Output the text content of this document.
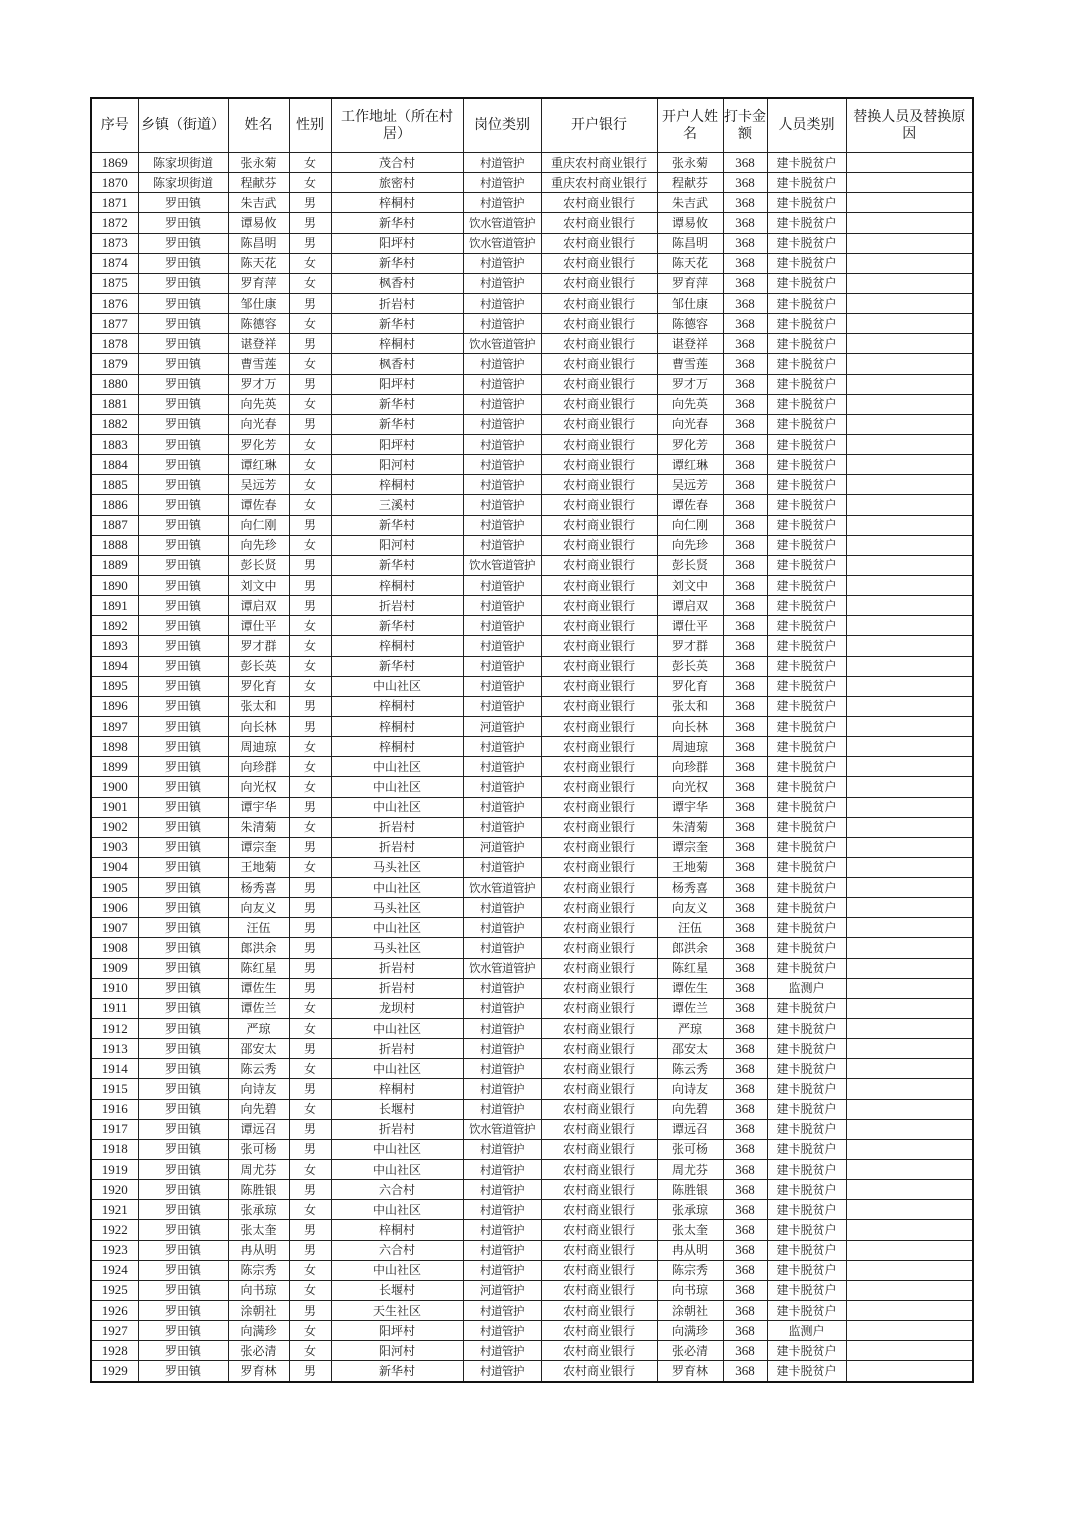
序号	乡镇（街道）	姓名	性别	工作地址（所在村居）	岗位类别	开户银行	开户人姓名	打卡金额	人员类别	替换人员及替换原因
1869	陈家坝街道	张永菊	女	茂合村	村道管护	重庆农村商业银行	张永菊	368	建卡脱贫户	
1870	陈家坝街道	程献芬	女	旅密村	村道管护	重庆农村商业银行	程献芬	368	建卡脱贫户	
1871	罗田镇	朱吉武	男	梓桐村	村道管护	农村商业银行	朱吉武	368	建卡脱贫户	
1872	罗田镇	谭易攸	男	新华村	饮水管道管护	农村商业银行	谭易攸	368	建卡脱贫户	
1873	罗田镇	陈昌明	男	阳坪村	饮水管道管护	农村商业银行	陈昌明	368	建卡脱贫户	
1874	罗田镇	陈天花	女	新华村	村道管护	农村商业银行	陈天花	368	建卡脱贫户	
1875	罗田镇	罗育萍	女	枫香村	村道管护	农村商业银行	罗育萍	368	建卡脱贫户	
1876	罗田镇	邹仕康	男	折岩村	村道管护	农村商业银行	邹仕康	368	建卡脱贫户	
1877	罗田镇	陈德容	女	新华村	村道管护	农村商业银行	陈德容	368	建卡脱贫户	
1878	罗田镇	谌登祥	男	梓桐村	饮水管道管护	农村商业银行	谌登祥	368	建卡脱贫户	
1879	罗田镇	曹雪莲	女	枫香村	村道管护	农村商业银行	曹雪莲	368	建卡脱贫户	
1880	罗田镇	罗才万	男	阳坪村	村道管护	农村商业银行	罗才万	368	建卡脱贫户	
1881	罗田镇	向先英	女	新华村	村道管护	农村商业银行	向先英	368	建卡脱贫户	
1882	罗田镇	向光春	男	新华村	村道管护	农村商业银行	向光春	368	建卡脱贫户	
1883	罗田镇	罗化芳	女	阳坪村	村道管护	农村商业银行	罗化芳	368	建卡脱贫户	
1884	罗田镇	谭红琳	女	阳河村	村道管护	农村商业银行	谭红琳	368	建卡脱贫户	
1885	罗田镇	吴远芳	女	梓桐村	村道管护	农村商业银行	吴远芳	368	建卡脱贫户	
1886	罗田镇	谭佐春	女	三溪村	村道管护	农村商业银行	谭佐春	368	建卡脱贫户	
1887	罗田镇	向仁刚	男	新华村	村道管护	农村商业银行	向仁刚	368	建卡脱贫户	
1888	罗田镇	向先珍	女	阳河村	村道管护	农村商业银行	向先珍	368	建卡脱贫户	
1889	罗田镇	彭长贤	男	新华村	饮水管道管护	农村商业银行	彭长贤	368	建卡脱贫户	
1890	罗田镇	刘文中	男	梓桐村	村道管护	农村商业银行	刘文中	368	建卡脱贫户	
1891	罗田镇	谭启双	男	折岩村	村道管护	农村商业银行	谭启双	368	建卡脱贫户	
1892	罗田镇	谭仕平	女	新华村	村道管护	农村商业银行	谭仕平	368	建卡脱贫户	
1893	罗田镇	罗才群	女	梓桐村	村道管护	农村商业银行	罗才群	368	建卡脱贫户	
1894	罗田镇	彭长英	女	新华村	村道管护	农村商业银行	彭长英	368	建卡脱贫户	
1895	罗田镇	罗化育	女	中山社区	村道管护	农村商业银行	罗化育	368	建卡脱贫户	
1896	罗田镇	张太和	男	梓桐村	村道管护	农村商业银行	张太和	368	建卡脱贫户	
1897	罗田镇	向长林	男	梓桐村	河道管护	农村商业银行	向长林	368	建卡脱贫户	
1898	罗田镇	周迪琼	女	梓桐村	村道管护	农村商业银行	周迪琼	368	建卡脱贫户	
1899	罗田镇	向珍群	女	中山社区	村道管护	农村商业银行	向珍群	368	建卡脱贫户	
1900	罗田镇	向光权	女	中山社区	村道管护	农村商业银行	向光权	368	建卡脱贫户	
1901	罗田镇	谭宇华	男	中山社区	村道管护	农村商业银行	谭宇华	368	建卡脱贫户	
1902	罗田镇	朱清菊	女	折岩村	村道管护	农村商业银行	朱清菊	368	建卡脱贫户	
1903	罗田镇	谭宗奎	男	折岩村	河道管护	农村商业银行	谭宗奎	368	建卡脱贫户	
1904	罗田镇	王地菊	女	马头社区	村道管护	农村商业银行	王地菊	368	建卡脱贫户	
1905	罗田镇	杨秀喜	男	中山社区	饮水管道管护	农村商业银行	杨秀喜	368	建卡脱贫户	
1906	罗田镇	向友义	男	马头社区	村道管护	农村商业银行	向友义	368	建卡脱贫户	
1907	罗田镇	汪伍	男	中山社区	村道管护	农村商业银行	汪伍	368	建卡脱贫户	
1908	罗田镇	郎洪余	男	马头社区	村道管护	农村商业银行	郎洪余	368	建卡脱贫户	
1909	罗田镇	陈红星	男	折岩村	饮水管道管护	农村商业银行	陈红星	368	建卡脱贫户	
1910	罗田镇	谭佐生	男	折岩村	村道管护	农村商业银行	谭佐生	368	监测户	
1911	罗田镇	谭佐兰	女	龙坝村	村道管护	农村商业银行	谭佐兰	368	建卡脱贫户	
1912	罗田镇	严琼	女	中山社区	村道管护	农村商业银行	严琼	368	建卡脱贫户	
1913	罗田镇	邵安太	男	折岩村	村道管护	农村商业银行	邵安太	368	建卡脱贫户	
1914	罗田镇	陈云秀	女	中山社区	村道管护	农村商业银行	陈云秀	368	建卡脱贫户	
1915	罗田镇	向诗友	男	梓桐村	村道管护	农村商业银行	向诗友	368	建卡脱贫户	
1916	罗田镇	向先碧	女	长堰村	村道管护	农村商业银行	向先碧	368	建卡脱贫户	
1917	罗田镇	谭远召	男	折岩村	饮水管道管护	农村商业银行	谭远召	368	建卡脱贫户	
1918	罗田镇	张可杨	男	中山社区	村道管护	农村商业银行	张可杨	368	建卡脱贫户	
1919	罗田镇	周尤芬	女	中山社区	村道管护	农村商业银行	周尤芬	368	建卡脱贫户	
1920	罗田镇	陈胜银	男	六合村	村道管护	农村商业银行	陈胜银	368	建卡脱贫户	
1921	罗田镇	张承琼	女	中山社区	村道管护	农村商业银行	张承琼	368	建卡脱贫户	
1922	罗田镇	张太奎	男	梓桐村	村道管护	农村商业银行	张太奎	368	建卡脱贫户	
1923	罗田镇	冉从明	男	六合村	村道管护	农村商业银行	冉从明	368	建卡脱贫户	
1924	罗田镇	陈宗秀	女	中山社区	村道管护	农村商业银行	陈宗秀	368	建卡脱贫户	
1925	罗田镇	向书琼	女	长堰村	河道管护	农村商业银行	向书琼	368	建卡脱贫户	
1926	罗田镇	涂朝社	男	天生社区	村道管护	农村商业银行	涂朝社	368	建卡脱贫户	
1927	罗田镇	向满珍	女	阳坪村	村道管护	农村商业银行	向满珍	368	监测户	
1928	罗田镇	张必清	女	阳河村	村道管护	农村商业银行	张必清	368	建卡脱贫户	
1929	罗田镇	罗育林	男	新华村	村道管护	农村商业银行	罗育林	368	建卡脱贫户	
